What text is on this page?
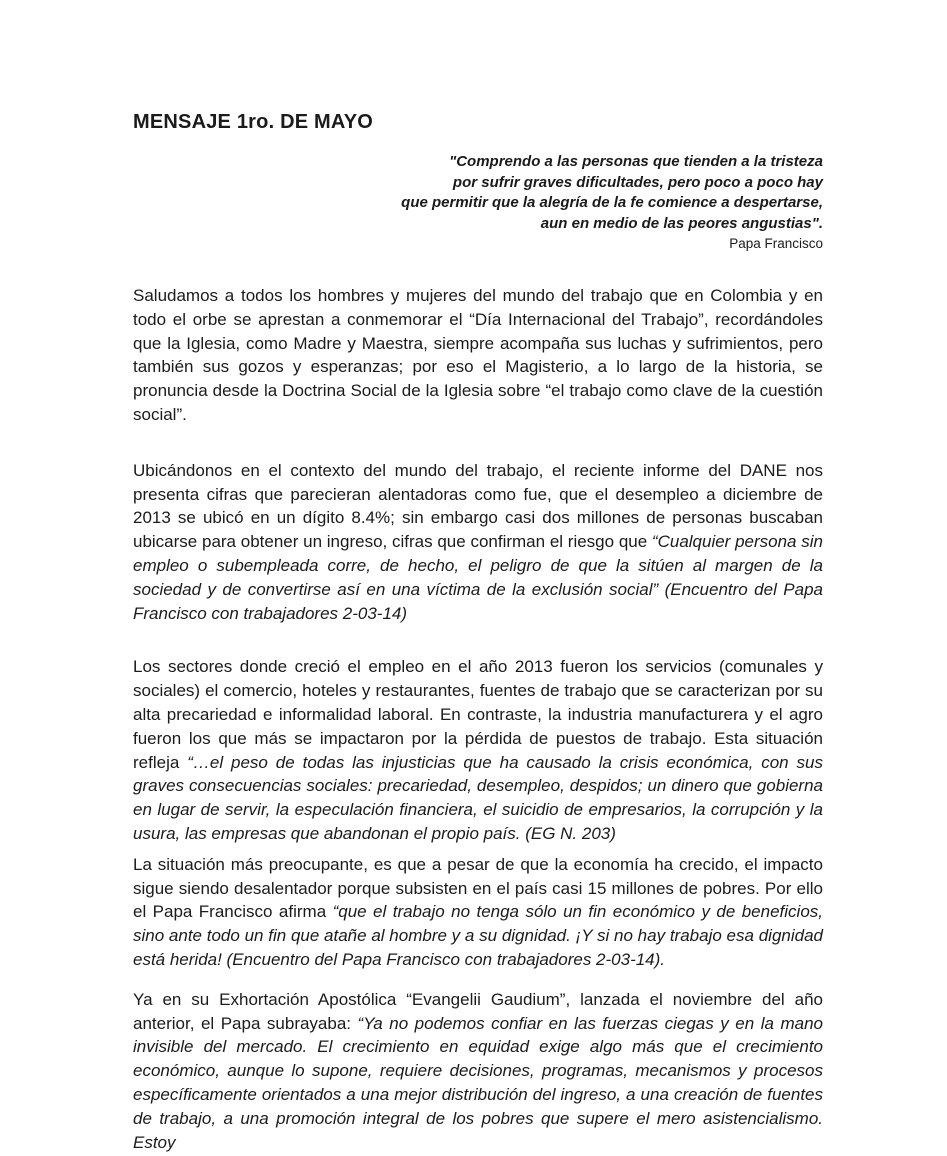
MENSAJE 1ro. DE MAYO
"Comprendo a las personas que tienden a la tristeza
por sufrir graves dificultades, pero poco a poco hay
que permitir que la alegría de la fe comience a despertarse,
aun en medio de las peores angustias".
Papa Francisco

Saludamos a todos los hombres y mujeres del mundo del trabajo que en Colombia y en todo el orbe se aprestan a conmemorar el “Día Internacional del Trabajo”, recordándoles que la Iglesia, como Madre y Maestra, siempre acompaña sus luchas y sufrimientos, pero también sus gozos y esperanzas; por eso el Magisterio, a lo largo de la historia, se pronuncia desde la Doctrina Social de la Iglesia sobre “el trabajo como clave de la cuestión social”.

Ubicándonos en el contexto del mundo del trabajo, el reciente informe del DANE nos presenta cifras que parecieran alentadoras como fue, que el desempleo a diciembre de 2013 se ubicó en un dígito 8.4%; sin embargo casi dos millones de personas buscaban ubicarse para obtener un ingreso, cifras que confirman el riesgo que “Cualquier persona sin empleo o subempleada corre, de hecho, el peligro de que la sitúen al margen de la sociedad y de convertirse así en una víctima de la exclusión social” (Encuentro del Papa Francisco con trabajadores 2-03-14)

Los sectores donde creció el empleo en el año 2013 fueron los servicios (comunales y sociales) el comercio, hoteles y restaurantes, fuentes de trabajo que se caracterizan por su alta precariedad e informalidad laboral. En contraste, la industria manufacturera y el agro fueron los que más se impactaron por la pérdida de puestos de trabajo. Esta situación refleja “…el peso de todas las injusticias que ha causado la crisis económica, con sus graves consecuencias sociales: precariedad, desempleo, despidos; un dinero que gobierna en lugar de servir, la especulación financiera, el suicidio de empresarios, la corrupción y la usura, las empresas que abandonan el propio país. (EG N. 203)

La situación más preocupante, es que a pesar de que la economía ha crecido, el impacto sigue siendo desalentador porque subsisten en el país casi 15 millones de pobres. Por ello el Papa Francisco afirma “que el trabajo no tenga sólo un fin económico y de beneficios, sino ante todo un fin que atañe al hombre y a su dignidad. ¡Y si no hay trabajo esa dignidad está herida! (Encuentro del Papa Francisco con trabajadores 2-03-14).

Ya en su Exhortación Apostólica “Evangelii Gaudium”, lanzada el noviembre del año anterior, el Papa subrayaba: “Ya no podemos confiar en las fuerzas ciegas y en la mano invisible del mercado. El crecimiento en equidad exige algo más que el crecimiento económico, aunque lo supone, requiere decisiones, programas, mecanismos y procesos específicamente orientados a una mejor distribución del ingreso, a una creación de fuentes de trabajo, a una promoción integral de los pobres que supere el mero asistencialismo. Estoy
